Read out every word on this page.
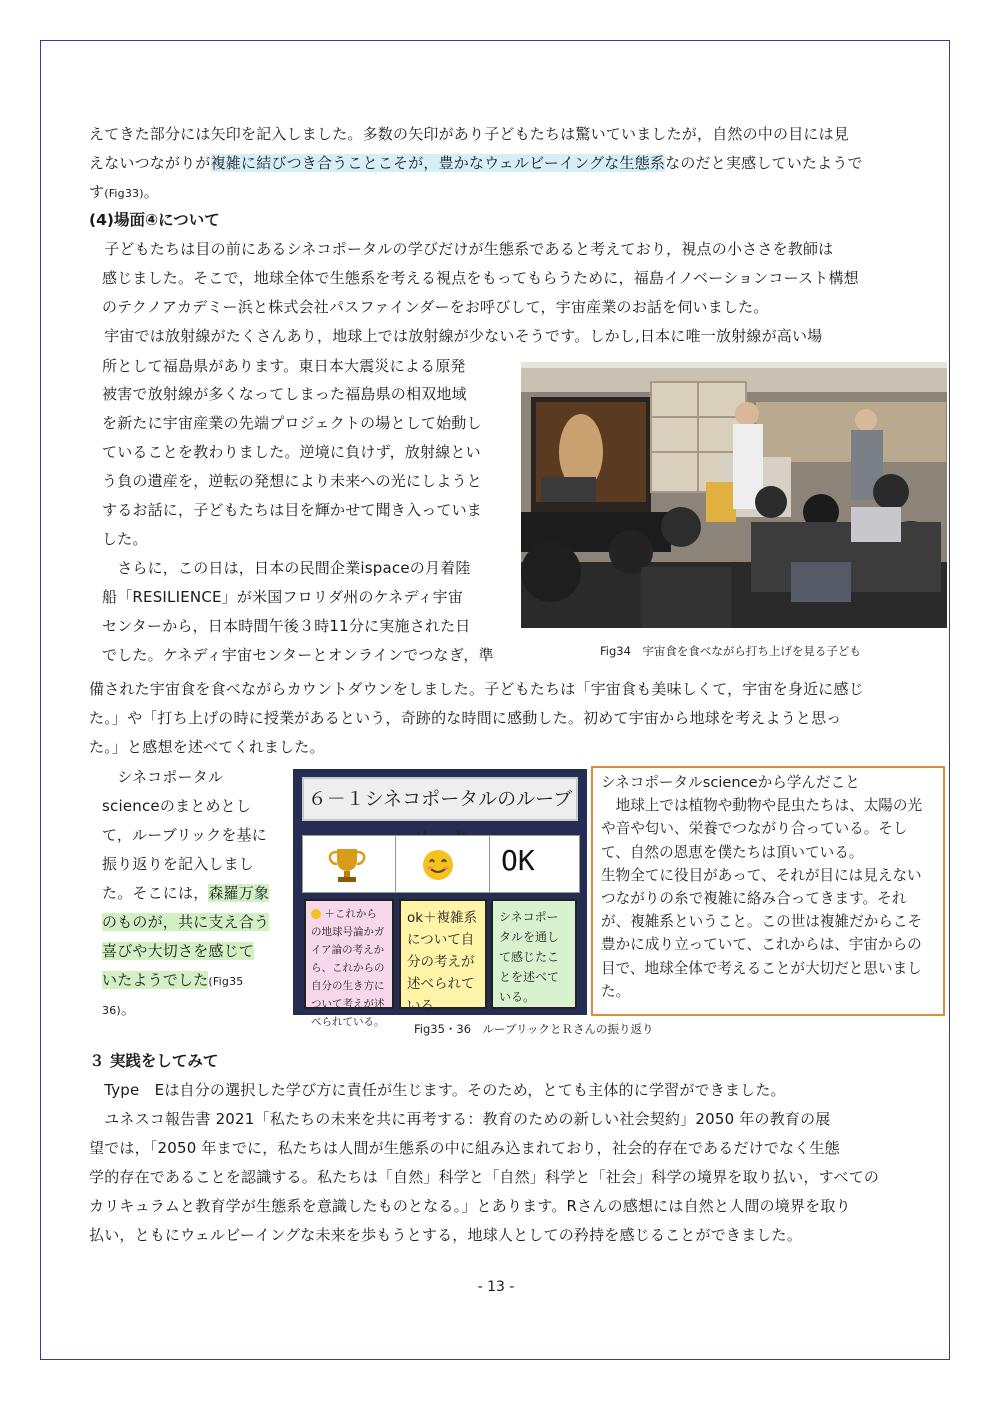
えてきた部分には矢印を記入しました。多数の矢印があり子どもたちは驚いていましたが，自然の中の目には見

えないつながりが複雑に結びつき合うことこそが，豊かなウェルビーイングな生態系なのだと実感していたようで

す(Fig33)。

(4)場面④について

　子どもたちは目の前にあるシネコポータルの学びだけが生態系であると考えており，視点の小ささを教師は

感じました。そこで，地球全体で生態系を考える視点をもってもらうために，福島イノベーションコースト構想

のテクノアカデミー浜と株式会社パスファインダーをお呼びして，宇宙産業のお話を伺いました。

　宇宙では放射線がたくさんあり，地球上では放射線が少ないそうです。しかし,日本に唯一放射線が高い場

所として福島県があります。東日本大震災による原発

被害で放射線が多くなってしまった福島県の相双地域

を新たに宇宙産業の先端プロジェクトの場として始動し

ていることを教わりました。逆境に負けず，放射線とい

う負の遺産を，逆転の発想により未来への光にしようと

するお話に，子どもたちは目を輝かせて聞き入っていま

した。

　さらに，この日は，日本の民間企業ispaceの月着陸

船「RESILIENCE」が米国フロリダ州のケネディ宇宙

センターから，日本時間午後３時11分に実施された日

でした。ケネディ宇宙センターとオンラインでつなぎ，準	Fig34　宇宙食を食べながら打ち上げを見る子ども

備された宇宙食を食べながらカウントダウンをしました。子どもたちは「宇宙食も美味しくて，宇宙を身近に感じ

た。」や「打ち上げの時に授業があるという，奇跡的な時間に感動した。初めて宇宙から地球を考えようと思っ

た。」と感想を述べてくれました。

　シネコポータル

scienceのまとめとし

て，ルーブリックを基に

振り返りを記入しまし

た。そこには，森羅万象

のものが，共に支え合う

喜びや大切さを感じて

いたようでした(Fig35

36)。

６－１シネコポータルのルーブ
OK
＋これからの地球号論かガイア論の考えから、これからの自分の生き方について考えが述べられている。
ok＋複雑系について自分の考えが述べられている。
シネコポータルを通して感じたことを述べている。

シネコポータルscienceから学んだこと

　地球上では植物や動物や昆虫たちは、太陽の光や音や匂い、栄養でつながり合っている。そして、自然の恩恵を僕たちは頂いている。

生物全てに役目があって、それが目には見えないつながりの糸で複雑に絡み合ってきます。それが、複雑系ということ。この世は複雑だからこそ豊かに成り立っていて、これからは、宇宙からの目で、地球全体で考えることが大切だと思いました。

Fig35・36　ルーブリックとＲさんの振り返り
３ 実践をしてみて

　Type　Eは自分の選択した学び方に責任が生じます。そのため，とても主体的に学習ができました。

　ユネスコ報告書 2021「私たちの未来を共に再考する：教育のための新しい社会契約」2050 年の教育の展

望では，「2050 年までに，私たちは人間が生態系の中に組み込まれており，社会的存在であるだけでなく生態

学的存在であることを認識する。私たちは「自然」科学と「自然」科学と「社会」科学の境界を取り払い，すべての

カリキュラムと教育学が生態系を意識したものとなる。」とあります。Rさんの感想には自然と人間の境界を取り

払い，ともにウェルビーイングな未来を歩もうとする，地球人としての矜持を感じることができました。

- 13 -
